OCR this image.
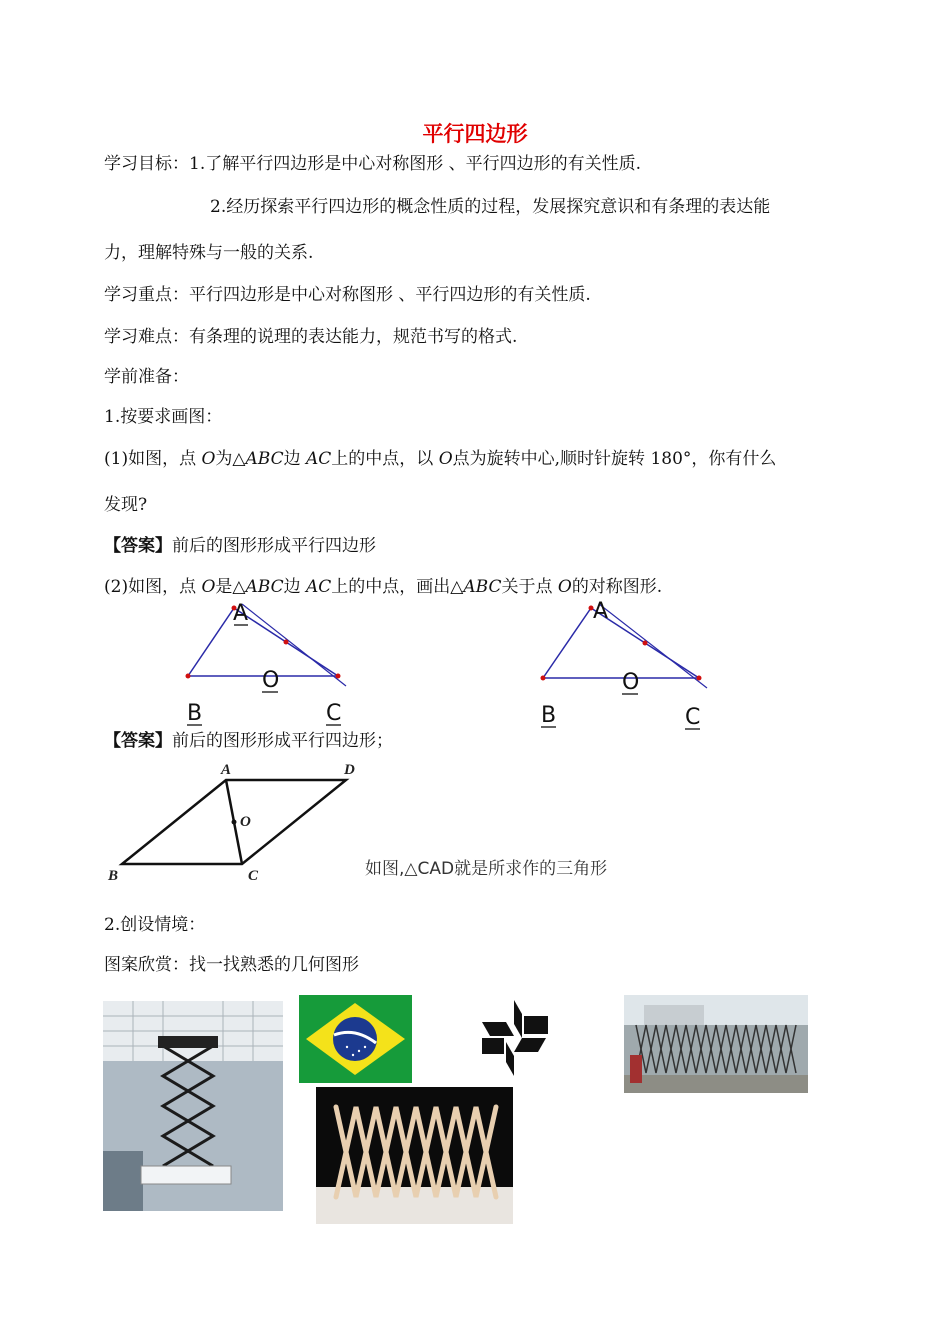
平行四边形
学习目标：1.了解平行四边形是中心对称图形 、平行四边形的有关性质.
2.经历探索平行四边形的概念性质的过程，发展探究意识和有条理的表达能
力，理解特殊与一般的关系.
学习重点：平行四边形是中心对称图形 、平行四边形的有关性质.
学习难点：有条理的说理的表达能力，规范书写的格式.
学前准备：
1.按要求画图：
(1)如图，点 O为△ABC边 AC上的中点，以 O点为旋转中心,顺时针旋转 180°，你有什么
发现?
【答案】前后的图形形成平行四边形
(2)如图，点 O是△ABC边 AC上的中点，画出△ABC关于点 O的对称图形.
A
O
B	C
A
O
B	C
【答案】前后的图形形成平行四边形；
A	D
O
B	C	如图,△CAD就是所求作的三角形
2.创设情境：
图案欣赏：找一找熟悉的几何图形
